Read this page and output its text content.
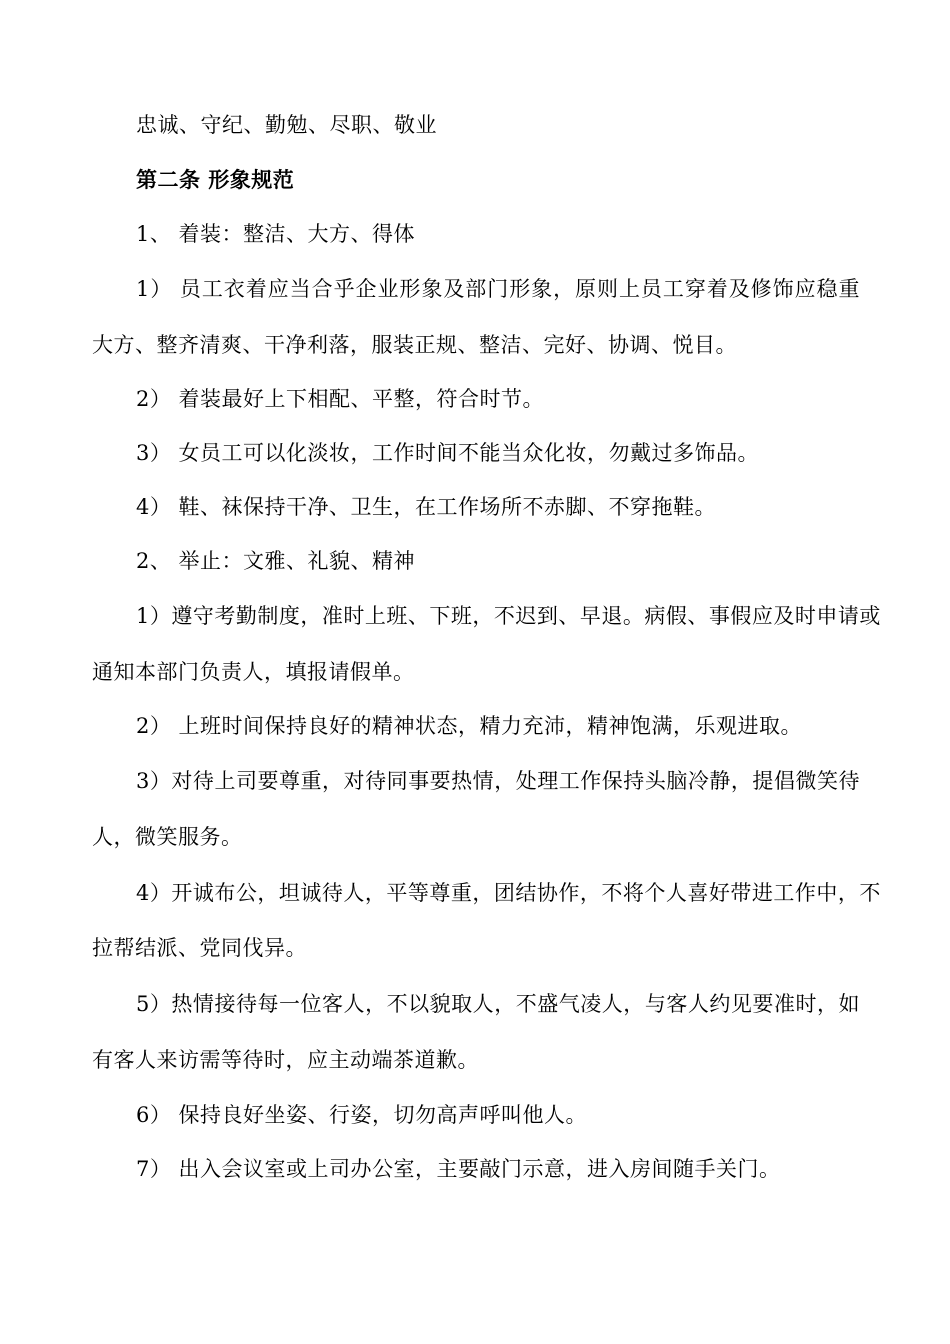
忠诚、守纪、勤勉、尽职、敬业
第二条 形象规范
1、 着装：整洁、大方、得体
1） 员工衣着应当合乎企业形象及部门形象，原则上员工穿着及修饰应稳重
大方、整齐清爽、干净利落，服装正规、整洁、完好、协调、悦目。
2） 着装最好上下相配、平整，符合时节。
3） 女员工可以化淡妆，工作时间不能当众化妆，勿戴过多饰品。
4） 鞋、袜保持干净、卫生，在工作场所不赤脚、不穿拖鞋。
2、 举止：文雅、礼貌、精神
1）遵守考勤制度，准时上班、下班，不迟到、早退。病假、事假应及时申请或
通知本部门负责人，填报请假单。
2） 上班时间保持良好的精神状态，精力充沛，精神饱满，乐观进取。
3）对待上司要尊重，对待同事要热情，处理工作保持头脑冷静，提倡微笑待
人，微笑服务。
4）开诚布公，坦诚待人，平等尊重，团结协作，不将个人喜好带进工作中，不
拉帮结派、党同伐异。
5）热情接待每一位客人，不以貌取人，不盛气凌人，与客人约见要准时，如
有客人来访需等待时，应主动端茶道歉。
6） 保持良好坐姿、行姿，切勿高声呼叫他人。
7） 出入会议室或上司办公室，主要敲门示意，进入房间随手关门。
